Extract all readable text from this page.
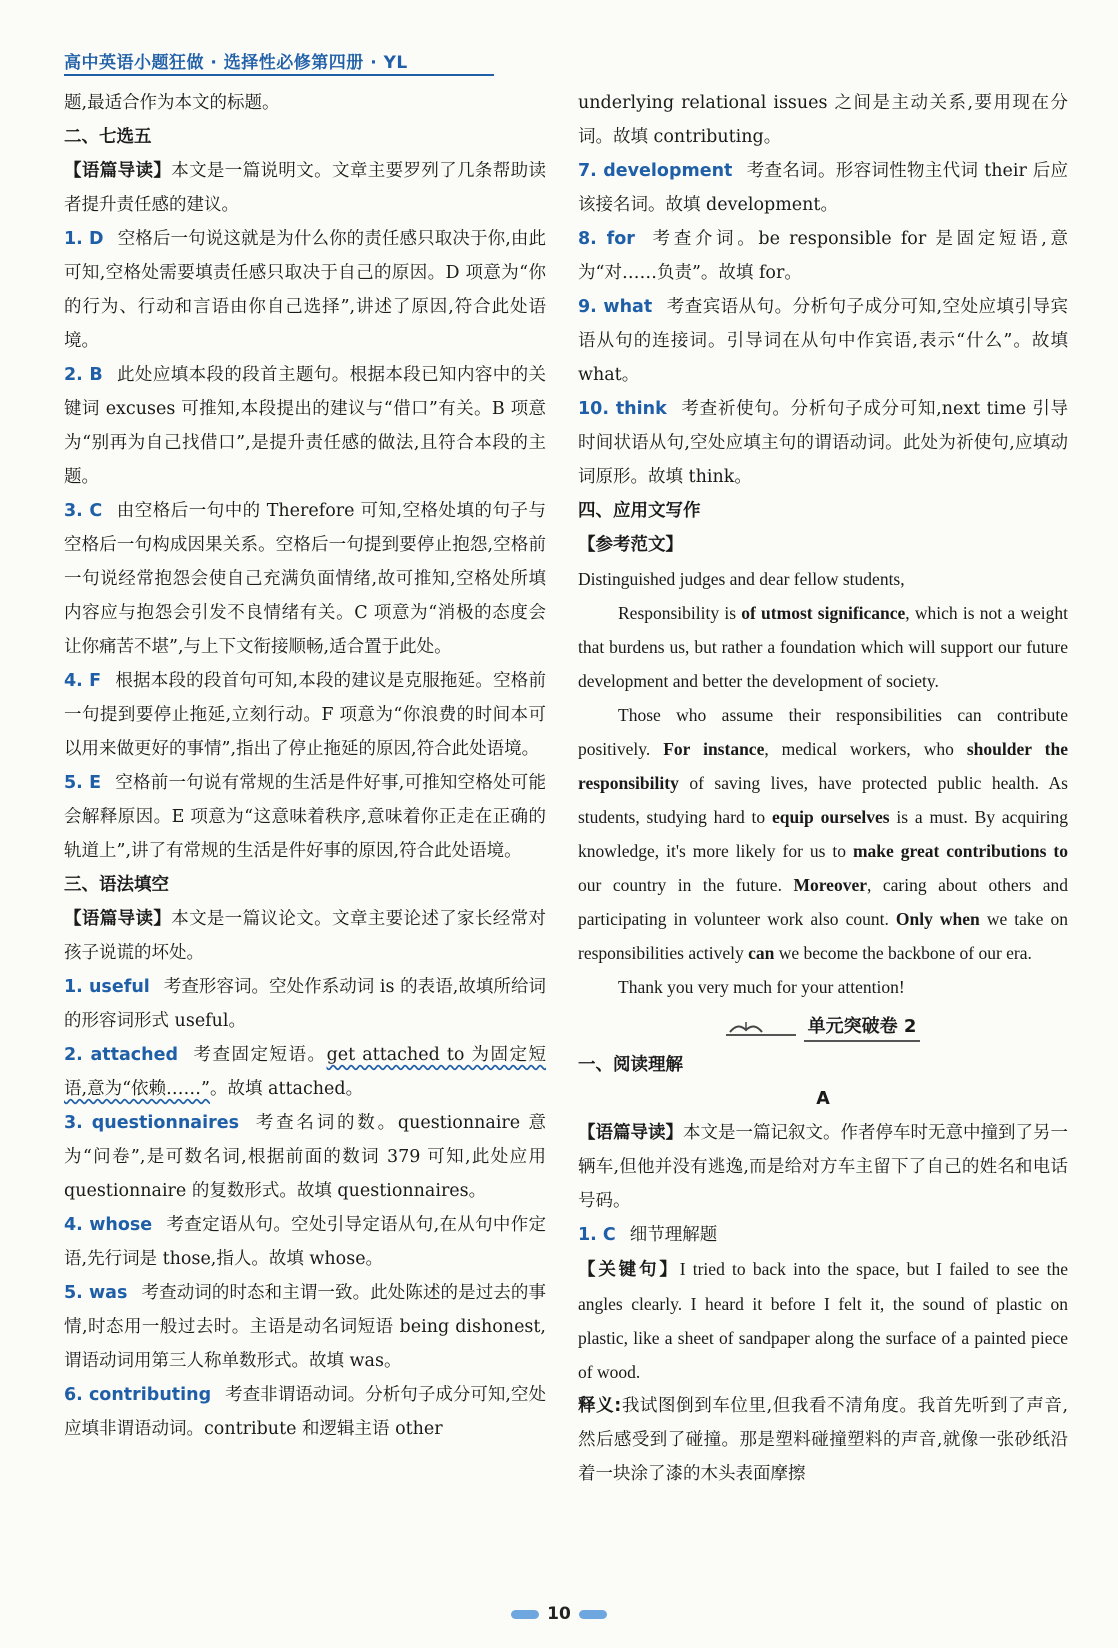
高中英语小题狂做 · 选择性必修第四册 · YL

题,最适合作为本文的标题。

二、七选五

【语篇导读】本文是一篇说明文。文章主要罗列了几条帮助读者提升责任感的建议。

1. D 空格后一句说这就是为什么你的责任感只取决于你,由此可知,空格处需要填责任感只取决于自己的原因。D 项意为“你的行为、行动和言语由你自己选择”,讲述了原因,符合此处语境。

2. B 此处应填本段的段首主题句。根据本段已知内容中的关键词 excuses 可推知,本段提出的建议与“借口”有关。B 项意为“别再为自己找借口”,是提升责任感的做法,且符合本段的主题。

3. C 由空格后一句中的 Therefore 可知,空格处填的句子与空格后一句构成因果关系。空格后一句提到要停止抱怨,空格前一句说经常抱怨会使自己充满负面情绪,故可推知,空格处所填内容应与抱怨会引发不良情绪有关。C 项意为“消极的态度会让你痛苦不堪”,与上下文衔接顺畅,适合置于此处。

4. F 根据本段的段首句可知,本段的建议是克服拖延。空格前一句提到要停止拖延,立刻行动。F 项意为“你浪费的时间本可以用来做更好的事情”,指出了停止拖延的原因,符合此处语境。

5. E 空格前一句说有常规的生活是件好事,可推知空格处可能会解释原因。E 项意为“这意味着秩序,意味着你正走在正确的轨道上”,讲了有常规的生活是件好事的原因,符合此处语境。

三、语法填空

【语篇导读】本文是一篇议论文。文章主要论述了家长经常对孩子说谎的坏处。

1. useful 考查形容词。空处作系动词 is 的表语,故填所给词的形容词形式 useful。

2. attached 考查固定短语。get attached to 为固定短语,意为“依赖……”。故填 attached。

3. questionnaires 考查名词的数。questionnaire 意为“问卷”,是可数名词,根据前面的数词 379 可知,此处应用 questionnaire 的复数形式。故填 questionnaires。

4. whose 考查定语从句。空处引导定语从句,在从句中作定语,先行词是 those,指人。故填 whose。

5. was 考查动词的时态和主谓一致。此处陈述的是过去的事情,时态用一般过去时。主语是动名词短语 being dishonest,谓语动词用第三人称单数形式。故填 was。

6. contributing 考查非谓语动词。分析句子成分可知,空处应填非谓语动词。contribute 和逻辑主语 other

underlying relational issues 之间是主动关系,要用现在分词。故填 contributing。

7. development 考查名词。形容词性物主代词 their 后应该接名词。故填 development。

8. for 考查介词。be responsible for 是固定短语,意为“对……负责”。故填 for。

9. what 考查宾语从句。分析句子成分可知,空处应填引导宾语从句的连接词。引导词在从句中作宾语,表示“什么”。故填 what。

10. think 考查祈使句。分析句子成分可知,next time 引导时间状语从句,空处应填主句的谓语动词。此处为祈使句,应填动词原形。故填 think。

四、应用文写作

【参考范文】

Distinguished judges and dear fellow students,

Responsibility is of utmost significance, which is not a weight that burdens us, but rather a foundation which will support our future development and better the development of society.

Those who assume their responsibilities can contribute positively. For instance, medical workers, who shoulder the responsibility of saving lives, have protected public health. As students, studying hard to equip ourselves is a must. By acquiring knowledge, it's more likely for us to make great contributions to our country in the future. Moreover, caring about others and participating in volunteer work also count. Only when we take on responsibilities actively can we become the backbone of our era.

Thank you very much for your attention!

单元突破卷 2

一、阅读理解

A

【语篇导读】本文是一篇记叙文。作者停车时无意中撞到了另一辆车,但他并没有逃逸,而是给对方车主留下了自己的姓名和电话号码。

1. C 细节理解题

【关键句】I tried to back into the space, but I failed to see the angles clearly. I heard it before I felt it, the sound of plastic on plastic, like a sheet of sandpaper along the surface of a painted piece of wood.

释义:我试图倒到车位里,但我看不清角度。我首先听到了声音,然后感受到了碰撞。那是塑料碰撞塑料的声音,就像一张砂纸沿着一块涂了漆的木头表面摩擦

10
